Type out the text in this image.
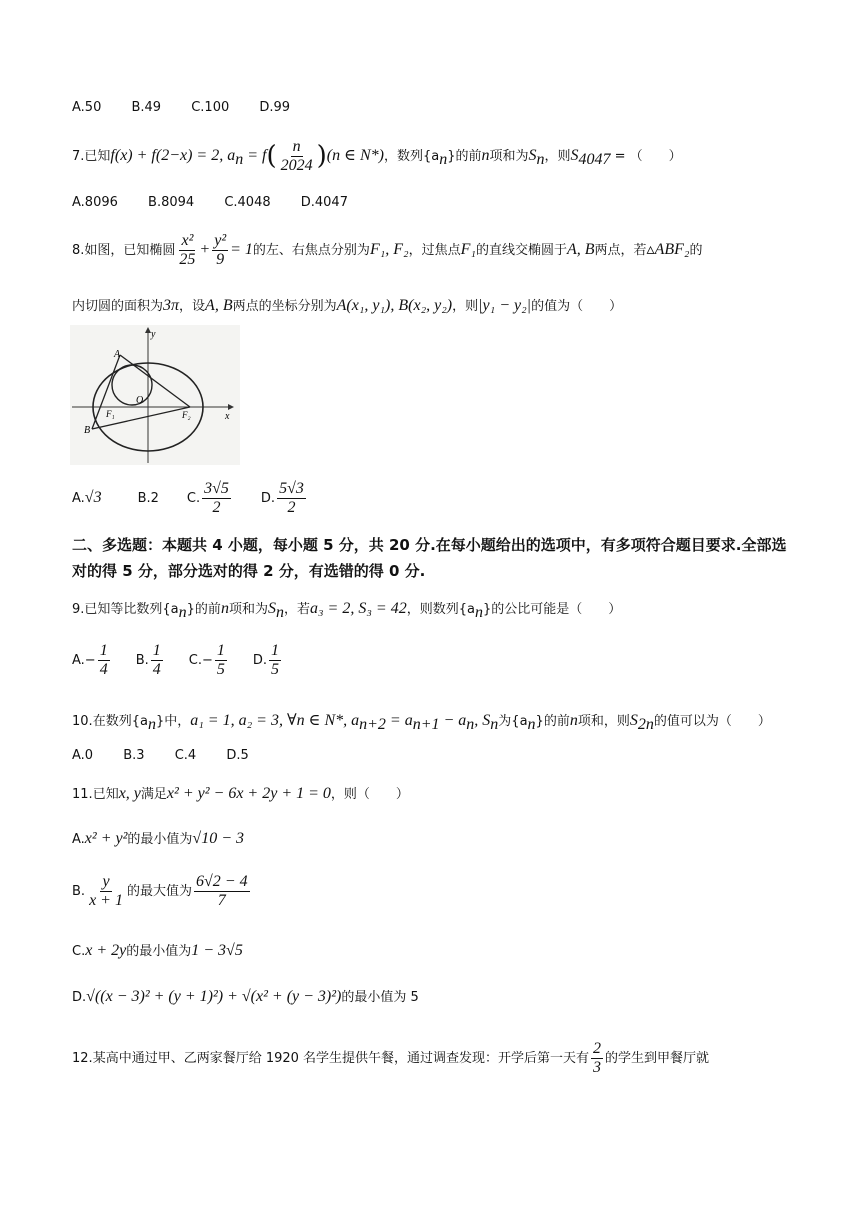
A.50 B.49 C.100 D.99
7.已知f(x) + f(2−x) = 2, $a_n = f( \frac{n}{2024} )(n$ ∈ N*)，数列$\{a_n\}$的前n项和为$S_n$，则$S_{4047}$ = （　　）
A.8096 B.8094 C.4048 D.4047
8.如图，已知椭圆 $\frac{\text{x²}}{25} + \frac{\text{y²}}{9} = 1$的左、右焦点分别为F₁, F₂，过焦点F₁的直线交椭圆于A, B两点，若▵ABF₂的
内切圆的面积为3π，设A, B两点的坐标分别为A(x₁, y₁), B(x₂, y₂)，则|y₁ − y₂|的值为（　　）
y
x
A
B
O
F₁	F₂
A.√3	B.2 C. $\frac{3√5}{2} D$. $\frac{5√3}{2}$
二、多选题：本题共 4 小题，每小题 5 分，共 20 分.在每小题给出的选项中，有多项符合题目要求.全部选对的得 5 分，部分选对的得 2 分，有选错的得 0 分.
9.已知等比数列$\{a_n\}$的前n项和为$S_n$，若a₃ = 2, S₃ = 42，则数列$\{a_n\}$的公比可能是（　　）
$A.- \frac{1}{4} B$. $\frac{1}{4} C.- \frac{1}{5} D$. $\frac{1}{5}$
10.在数列$\{a_n\}$中，a₁ = 1, a₂ = 3, ∀n ∈ N*, $a_{n+2} = a_{n+1} - a_n$, $S_n$为$\{a_n\}$的前n项和，则$S_{2n}$的值可以为（　　）
A.0 B.3 C.4 D.5
11.已知x, y满足x² + y² − 6x + 2y + 1 = 0，则（　　）
A.x² + y²的最小值为√10 − 3
B. $\frac{y}{x + 1}$ 的最大值为 $\frac{6√2 - 4}{7}$
C.x + 2y的最小值为1 − 3√5
D.√((x − 3)² + (y + 1)²) + √(x² + (y − 3)²)的最小值为 5
12.某高中通过甲、乙两家餐厅给 1920 名学生提供午餐，通过调查发现：开学后第一天有 $\frac{2}{3}$ 的学生到甲餐厅就
